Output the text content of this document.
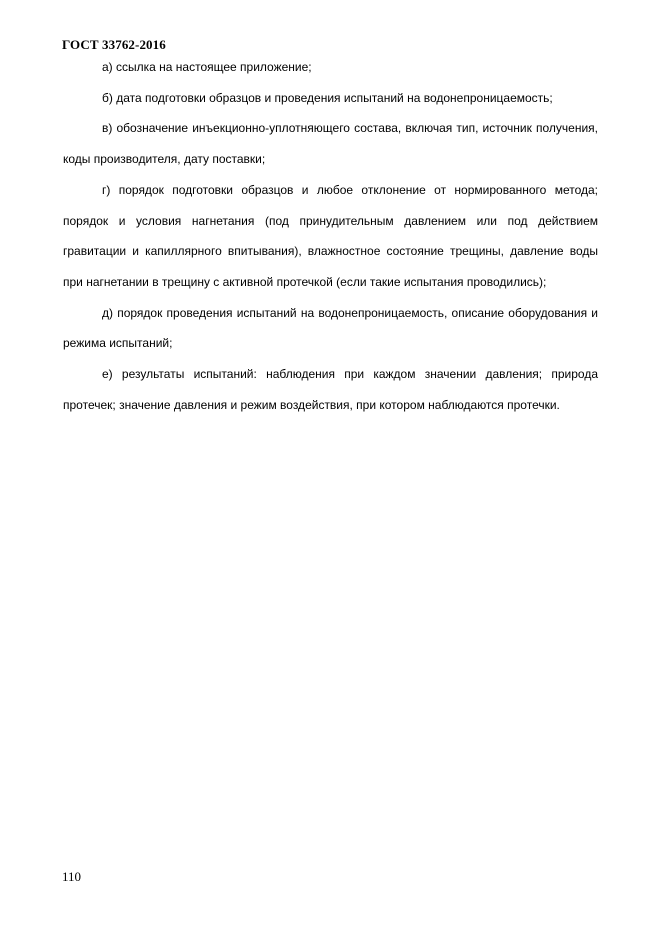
ГОСТ 33762-2016

а) ссылка на настоящее приложение;

б) дата подготовки образцов и проведения испытаний на водонепроницаемость;

в) обозначение инъекционно-уплотняющего состава, включая тип, источник получения, коды производителя, дату поставки;

г) порядок подготовки образцов и любое отклонение от нормированного метода; порядок и условия нагнетания (под принудительным давлением или под действием гравитации и капиллярного впитывания), влажностное состояние трещины, давление воды при нагнетании в трещину с активной протечкой (если такие испытания проводились);

д) порядок проведения испытаний на водонепроницаемость, описание оборудования и режима испытаний;

е) результаты испытаний: наблюдения при каждом значении давления; природа протечек; значение давления и режим воздействия, при котором наблюдаются протечки.

110
